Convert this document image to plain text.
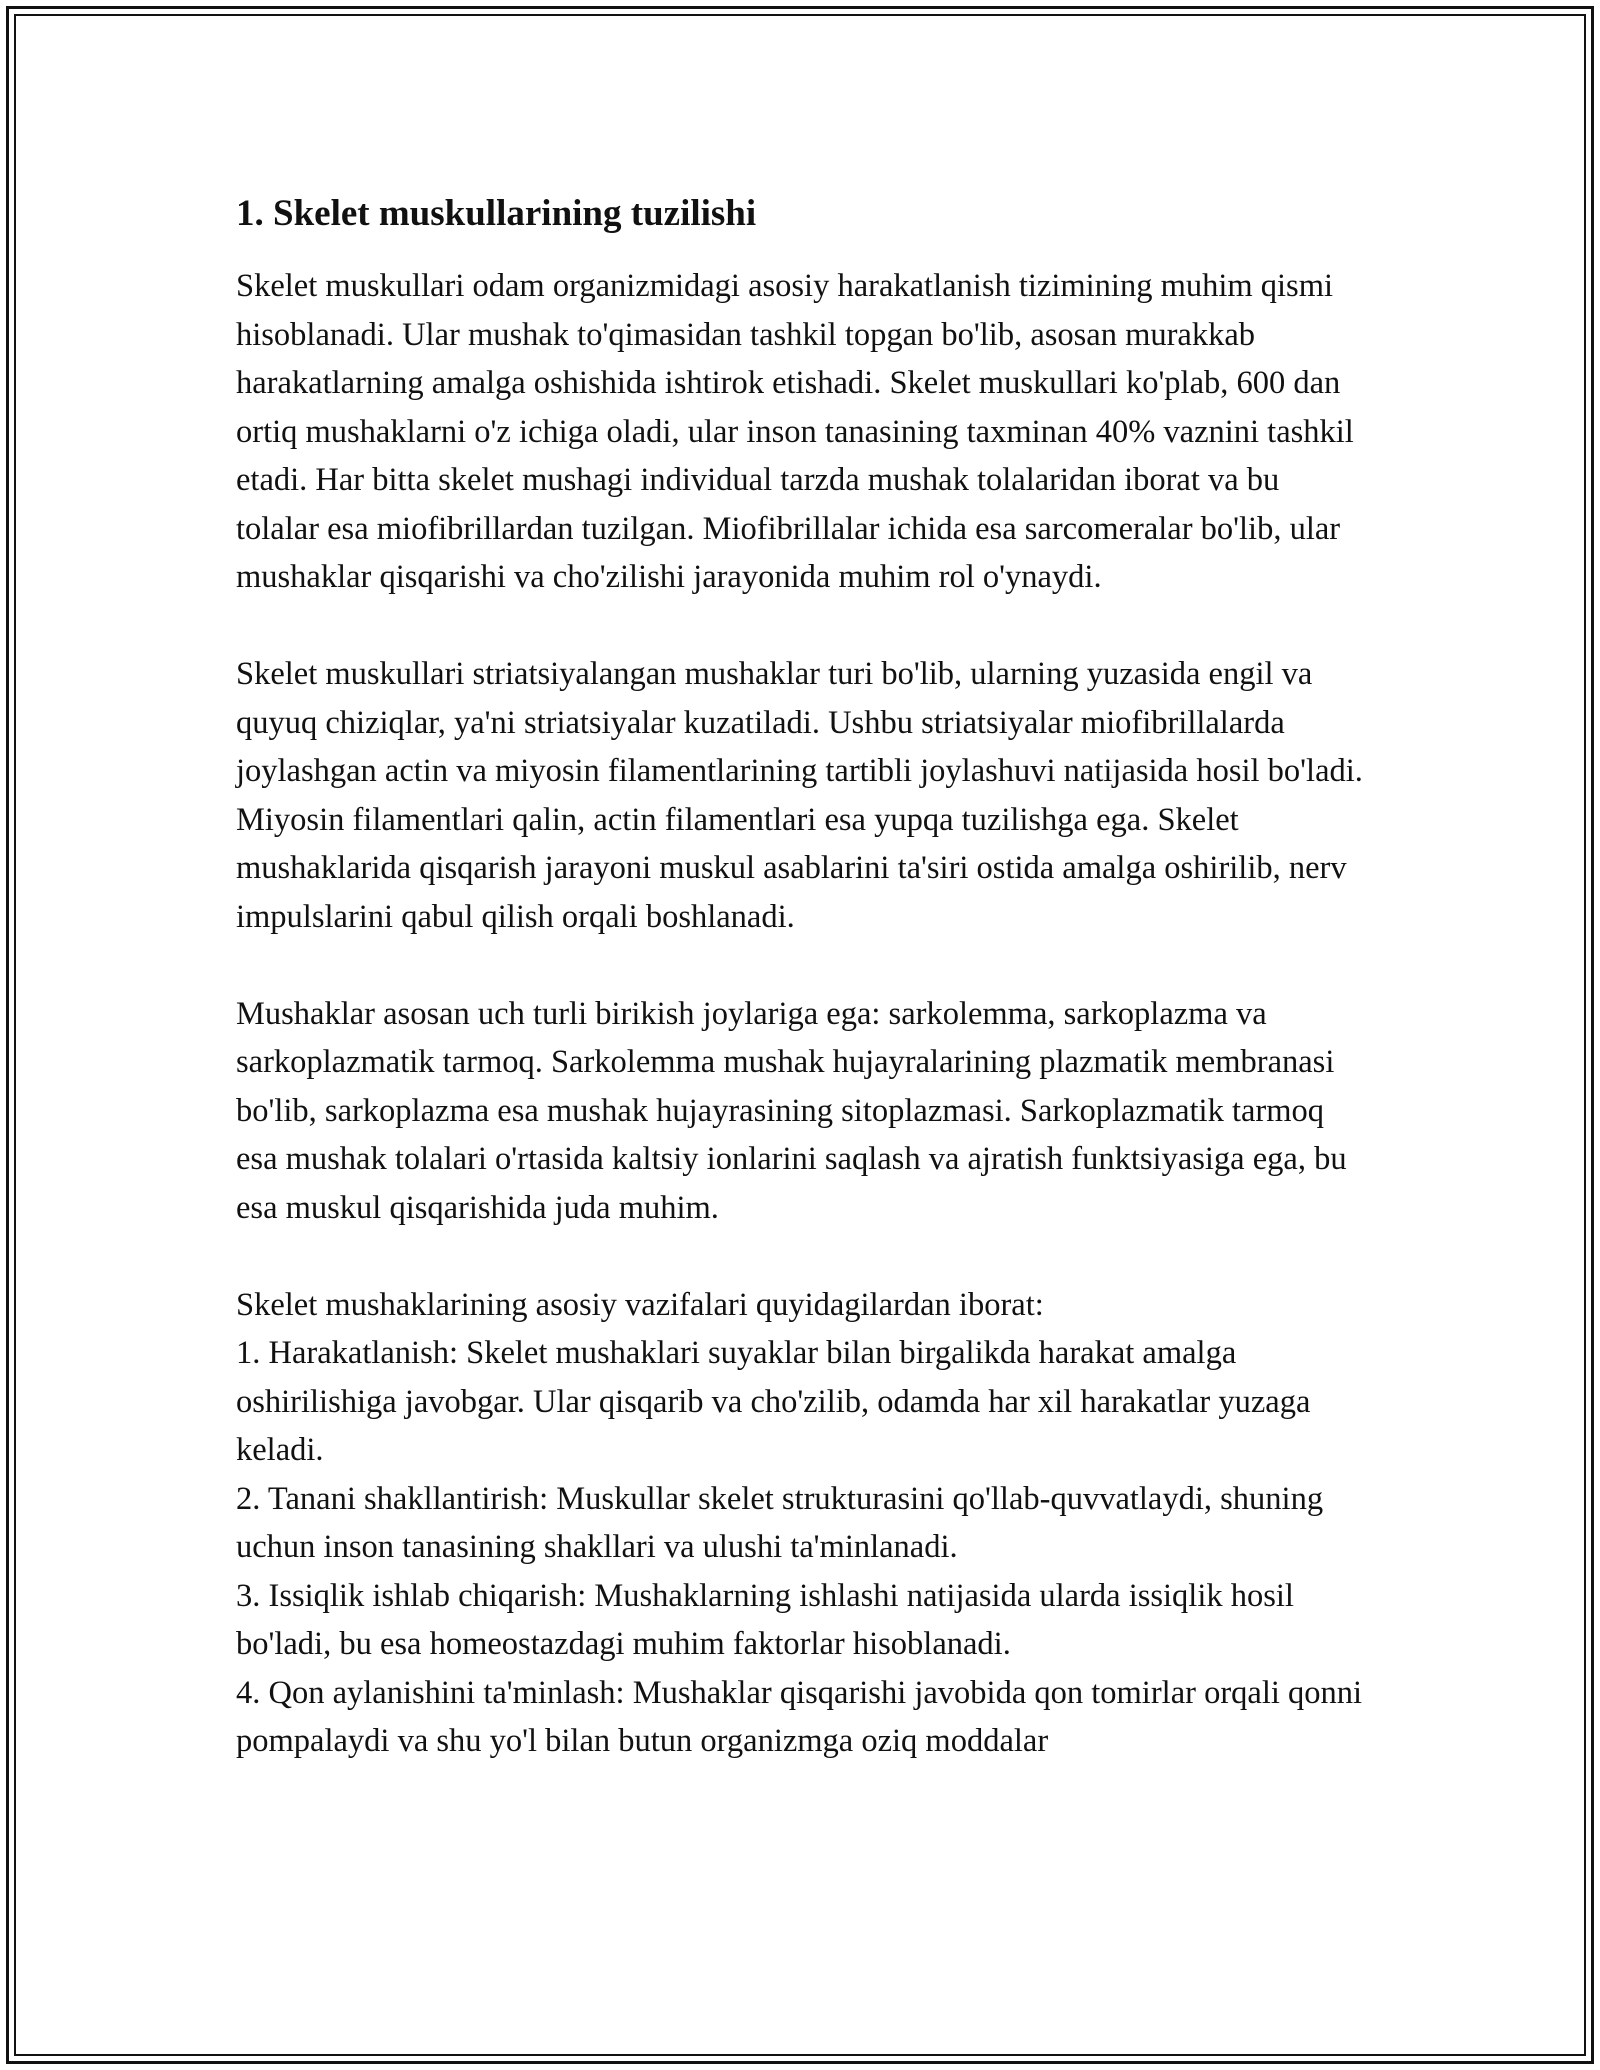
1. Skelet muskullarining tuzilishi

Skelet muskullari odam organizmidagi asosiy harakatlanish tizimining muhim qismi hisoblanadi. Ular mushak to'qimasidan tashkil topgan bo'lib, asosan murakkab harakatlarning amalga oshishida ishtirok etishadi. Skelet muskullari ko'plab, 600 dan ortiq mushaklarni o'z ichiga oladi, ular inson tanasining taxminan 40% vaznini tashkil etadi. Har bitta skelet mushagi individual tarzda mushak tolalaridan iborat va bu tolalar esa miofibrillardan tuzilgan. Miofibrillalar ichida esa sarcomeralar bo'lib, ular mushaklar qisqarishi va cho'zilishi jarayonida muhim rol o'ynaydi.

Skelet muskullari striatsiyalangan mushaklar turi bo'lib, ularning yuzasida engil va quyuq chiziqlar, ya'ni striatsiyalar kuzatiladi. Ushbu striatsiyalar miofibrillalarda joylashgan actin va miyosin filamentlarining tartibli joylashuvi natijasida hosil bo'ladi. Miyosin filamentlari qalin, actin filamentlari esa yupqa tuzilishga ega. Skelet mushaklarida qisqarish jarayoni muskul asablarini ta'siri ostida amalga oshirilib, nerv impulslarini qabul qilish orqali boshlanadi.

Mushaklar asosan uch turli birikish joylariga ega: sarkolemma, sarkoplazma va sarkoplazmatik tarmoq. Sarkolemma mushak hujayralarining plazmatik membranasi bo'lib, sarkoplazma esa mushak hujayrasining sitoplazmasi. Sarkoplazmatik tarmoq esa mushak tolalari o'rtasida kaltsiy ionlarini saqlash va ajratish funktsiyasiga ega, bu esa muskul qisqarishida juda muhim.

Skelet mushaklarining asosiy vazifalari quyidagilardan iborat:

1. Harakatlanish: Skelet mushaklari suyaklar bilan birgalikda harakat amalga oshirilishiga javobgar. Ular qisqarib va cho'zilib, odamda har xil harakatlar yuzaga keladi.

2. Tanani shakllantirish: Muskullar skelet strukturasini qo'llab-quvvatlaydi, shuning uchun inson tanasining shakllari va ulushi ta'minlanadi.

3. Issiqlik ishlab chiqarish: Mushaklarning ishlashi natijasida ularda issiqlik hosil bo'ladi, bu esa homeostazdagi muhim faktorlar hisoblanadi.

4. Qon aylanishini ta'minlash: Mushaklar qisqarishi javobida qon tomirlar orqali qonni pompalaydi va shu yo'l bilan butun organizmga oziq moddalar
